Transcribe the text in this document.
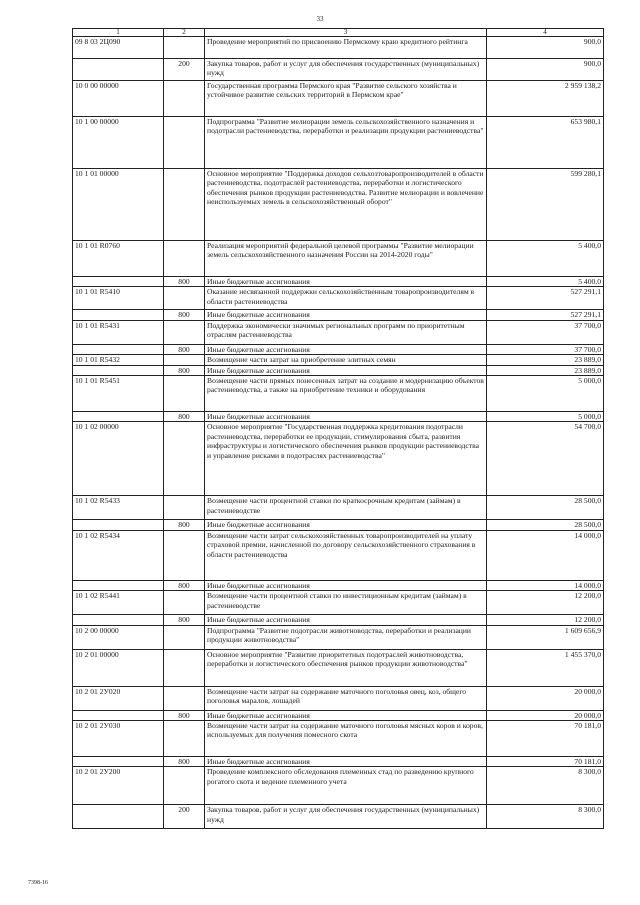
33
1	2	3	4
09 8 03 2Ц090		Проведение мероприятий по присвоению Пермскому краю кредитного рейтинга	900,0
	200	Закупка товаров, работ и услуг для обеспечения государственных (муниципальных) нужд	900,0
10 0 00 00000		Государственная программа Пермского края "Развитие сельского хозяйства и устойчивое развитие сельских территорий в Пермском крае"	2 959 138,2
10 1 00 00000		Подпрограмма "Развитие мелиорации земель сельскохозяйственного назначения и подотрасли растениеводства, переработки и реализации продукции растениеводства"	653 980,1
10 1 01 00000		Основное мероприятие "Поддержка доходов сельхозтоваропроизводителей в области растениеводства, подотраслей растениеводства, переработки и логистического обеспечения рынков продукции растениеводства. Развитие мелиорации и вовлечение неиспользуемых земель в сельскохозяйственный оборот"	599 280,1
10 1 01 R0760		Реализация мероприятий федеральной целевой программы "Развитие мелиорации земель сельскохозяйственного назначения России на 2014-2020 годы"	5 400,0
	800	Иные бюджетные ассигнования	5 400,0
10 1 01 R5410		Оказание несвязанной поддержки сельскохозяйственным товаропроизводителям в области растениеводства	527 291,1
	800	Иные бюджетные ассигнования	527 291,1
10 1 01 R5431		Поддержка экономически значимых региональных программ по приоритетным отраслям растениеводства	37 700,0
	800	Иные бюджетные ассигнования	37 700,0
10 1 01 R5432		Возмещение части затрат на приобретение элитных семян	23 889,0
	800	Иные бюджетные ассигнования	23 889,0
10 1 01 R5451		Возмещение части прямых понесенных затрат на создание и модернизацию объектов растениеводства, а также на приобретение техники и оборудования	5 000,0
	800	Иные бюджетные ассигнования	5 000,0
10 1 02 00000		Основное мероприятие "Государственная поддержка кредитования подотрасли растениеводства, переработки ее продукции, стимулирования сбыта, развития инфраструктуры и логистического обеспечения рынков продукции растениеводства и управление рисками в подотраслях растениеводства"	54 700,0
10 1 02 R5433		Возмещение части процентной ставки по краткосрочным кредитам (займам) в растениеводстве	28 500,0
	800	Иные бюджетные ассигнования	28 500,0
10 1 02 R5434		Возмещение части затрат сельскохозяйственных товаропроизводителей на уплату страховой премии, начисленной по договору сельскохозяйственного страхования в области растениеводства	14 000,0
	800	Иные бюджетные ассигнования	14 000,0
10 1 02 R5441		Возмещение части процентной ставки по инвестиционным кредитам (займам) в растениеводстве	12 200,0
	800	Иные бюджетные ассигнования	12 200,0
10 2 00 00000		Подпрограмма "Развитие подотрасли животноводства, переработки и реализации продукции животноводства"	1 609 656,9
10 2 01 00000		Основное мероприятие "Развитие приоритетных подотраслей животноводства, переработки и логистического обеспечения рынков продукции животноводства"	1 455 370,0
10 2 01 2У020		Возмещение части затрат на содержание маточного поголовья овец, коз, общего поголовья маралов, лошадей	20 000,0
	800	Иные бюджетные ассигнования	20 000,0
10 2 01 2У030		Возмещение части затрат на содержание маточного поголовья мясных коров и коров, используемых для получения помесного скота	70 181,0
	800	Иные бюджетные ассигнования	70 181,0
10 2 01 2У200		Проведение комплексного обследования племенных стад по разведению крупного рогатого скота и ведение племенного учета	8 300,0
	200	Закупка товаров, работ и услуг для обеспечения государственных (муниципальных) нужд	8 300,0
7398-16
